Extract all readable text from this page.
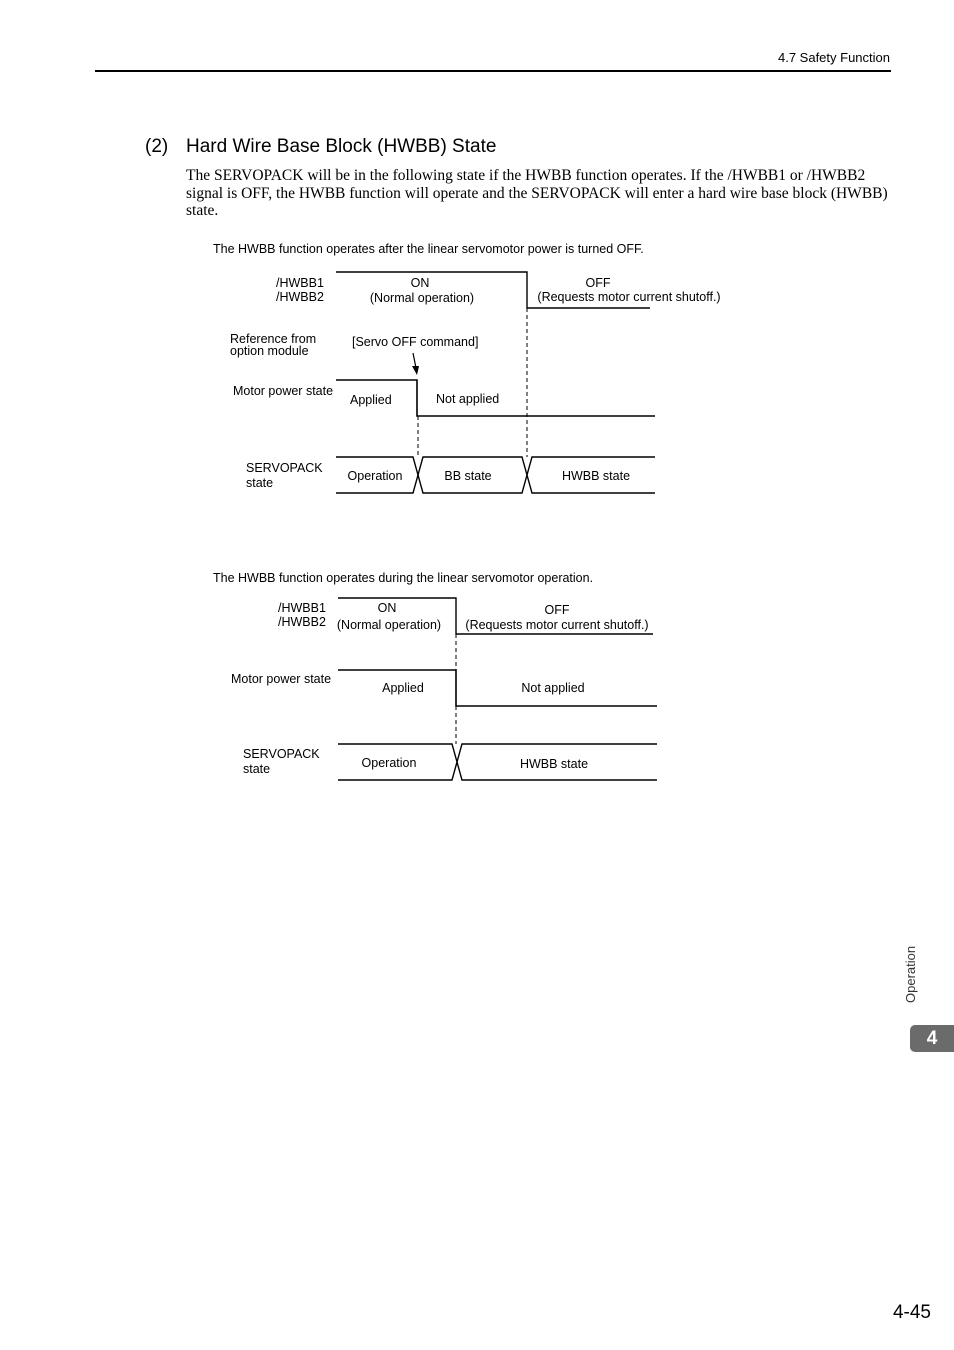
4.7 Safety Function
(2) Hard Wire Base Block (HWBB) State
The SERVOPACK will be in the following state if the HWBB function operates. If the /HWBB1 or /HWBB2 signal is OFF, the HWBB function will operate and the SERVOPACK will enter a hard wire base block (HWBB) state.
The HWBB function operates after the linear servomotor power is turned OFF.
/HWBB1
/HWBB2
ON
(Normal operation)
OFF
(Requests motor current shutoff.)
Reference from
option module
[Servo OFF command]
Motor power state
Applied	Not applied
SERVOPACK
state	Operation	BB state	HWBB state
The HWBB function operates during the linear servomotor operation.
/HWBB1
/HWBB2
ON
(Normal operation)
OFF
(Requests motor current shutoff.)
Motor power state
Applied	Not applied
SERVOPACK
state	Operation	HWBB state
Operation
4
4-45
